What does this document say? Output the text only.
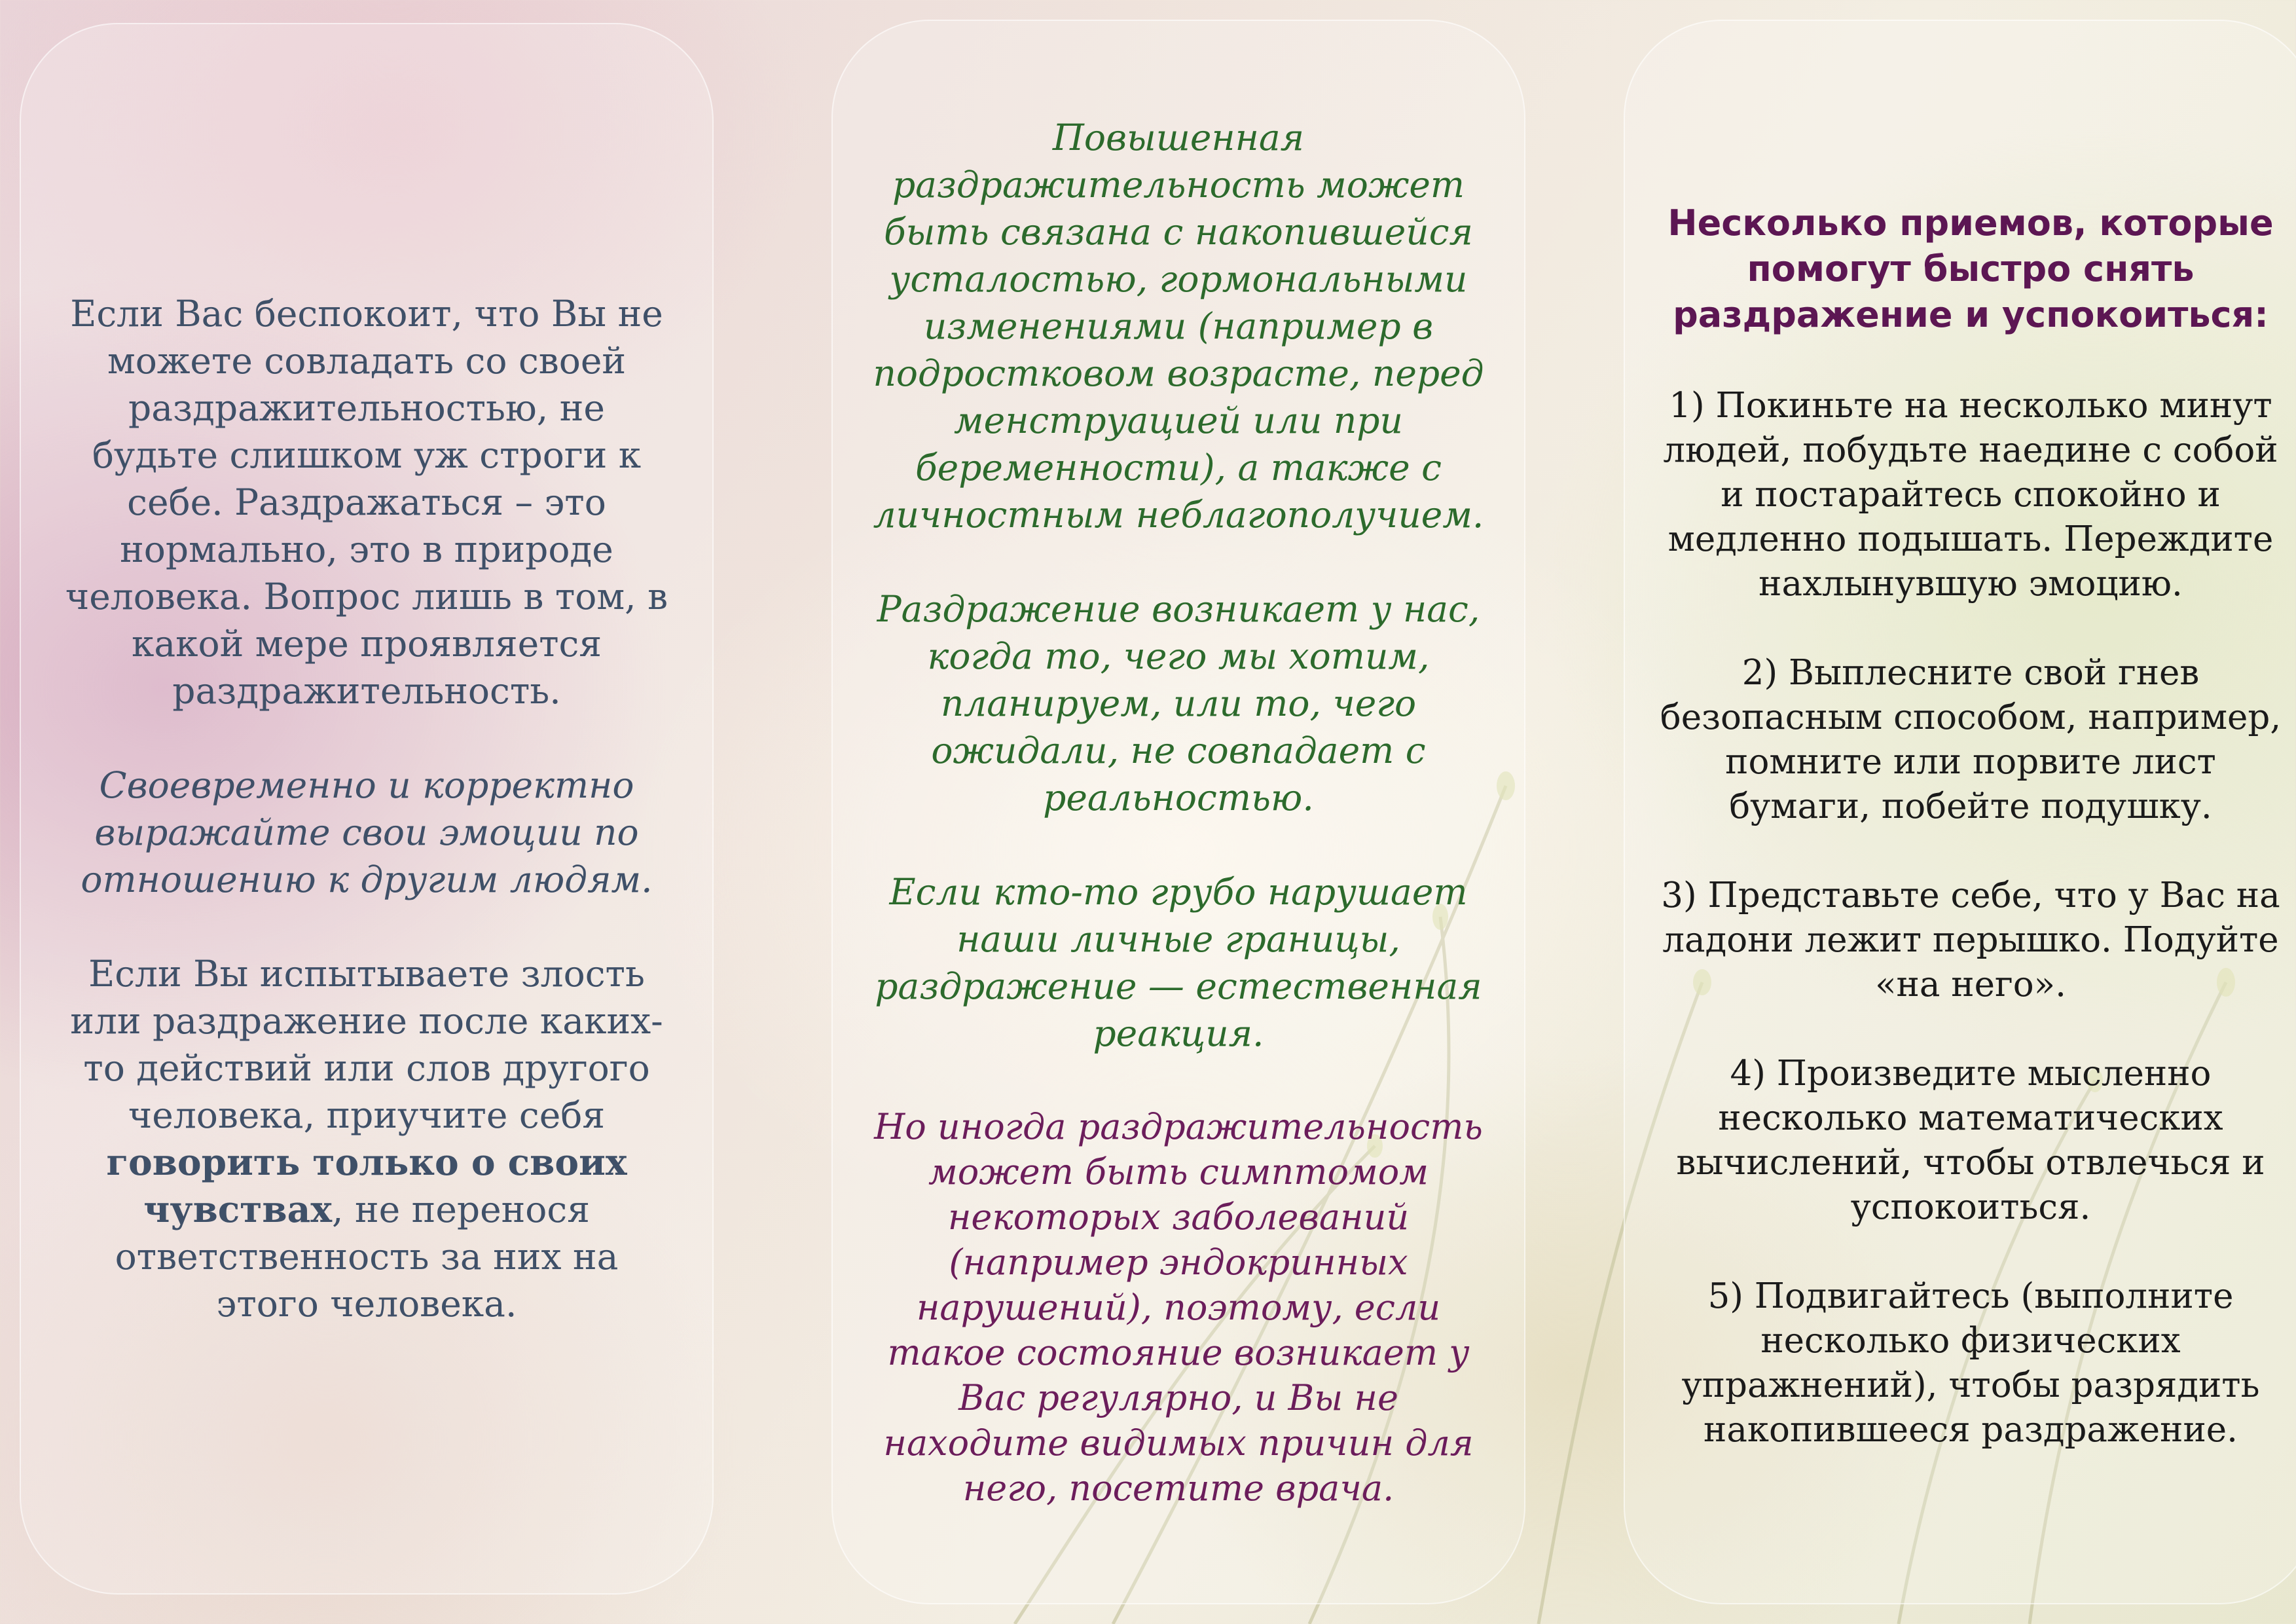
Если Вас беспокоит, что Вы не можете совладать со своей раздражительностью, не будьте слишком уж строги к себе. Раздражаться – это нормально, это в природе человека. Вопрос лишь в том, в какой мере проявляется раздражительность.

Своевременно и корректно выражайте свои эмоции по отношению к другим людям.

Если Вы испытываете злость или раздражение после каких-то действий или слов другого человека, приучите себя говорить только о своих чувствах, не перенося ответственность за них на этого человека.

Повышенная раздражительность может быть связана с накопившейся усталостью, гормональными изменениями (например в подростковом возрасте, перед менструацией или при беременности), а также с личностным неблагополучием.

Раздражение возникает у нас, когда то, чего мы хотим, планируем, или то, чего ожидали, не совпадает с реальностью.

Если кто-то грубо нарушает наши личные границы, раздражение — естественная реакция.

Но иногда раздражительность может быть симптомом некоторых заболеваний (например эндокринных нарушений), поэтому, если такое состояние возникает у Вас регулярно, и Вы не находите видимых причин для него, посетите врача.

Несколько приемов, которые помогут быстро снять раздражение и успокоиться:

1) Покиньте на несколько минут людей, побудьте наедине с собой и постарайтесь спокойно и медленно подышать. Переждите нахлынувшую эмоцию.

2) Выплесните свой гнев безопасным способом, например, помните или порвите лист бумаги, побейте подушку.

3) Представьте себе, что у Вас на ладони лежит перышко. Подуйте «на него».

4) Произведите мысленно несколько математических вычислений, чтобы отвлечься и успокоиться.

5) Подвигайтесь (выполните несколько физических упражнений), чтобы разрядить накопившееся раздражение.
